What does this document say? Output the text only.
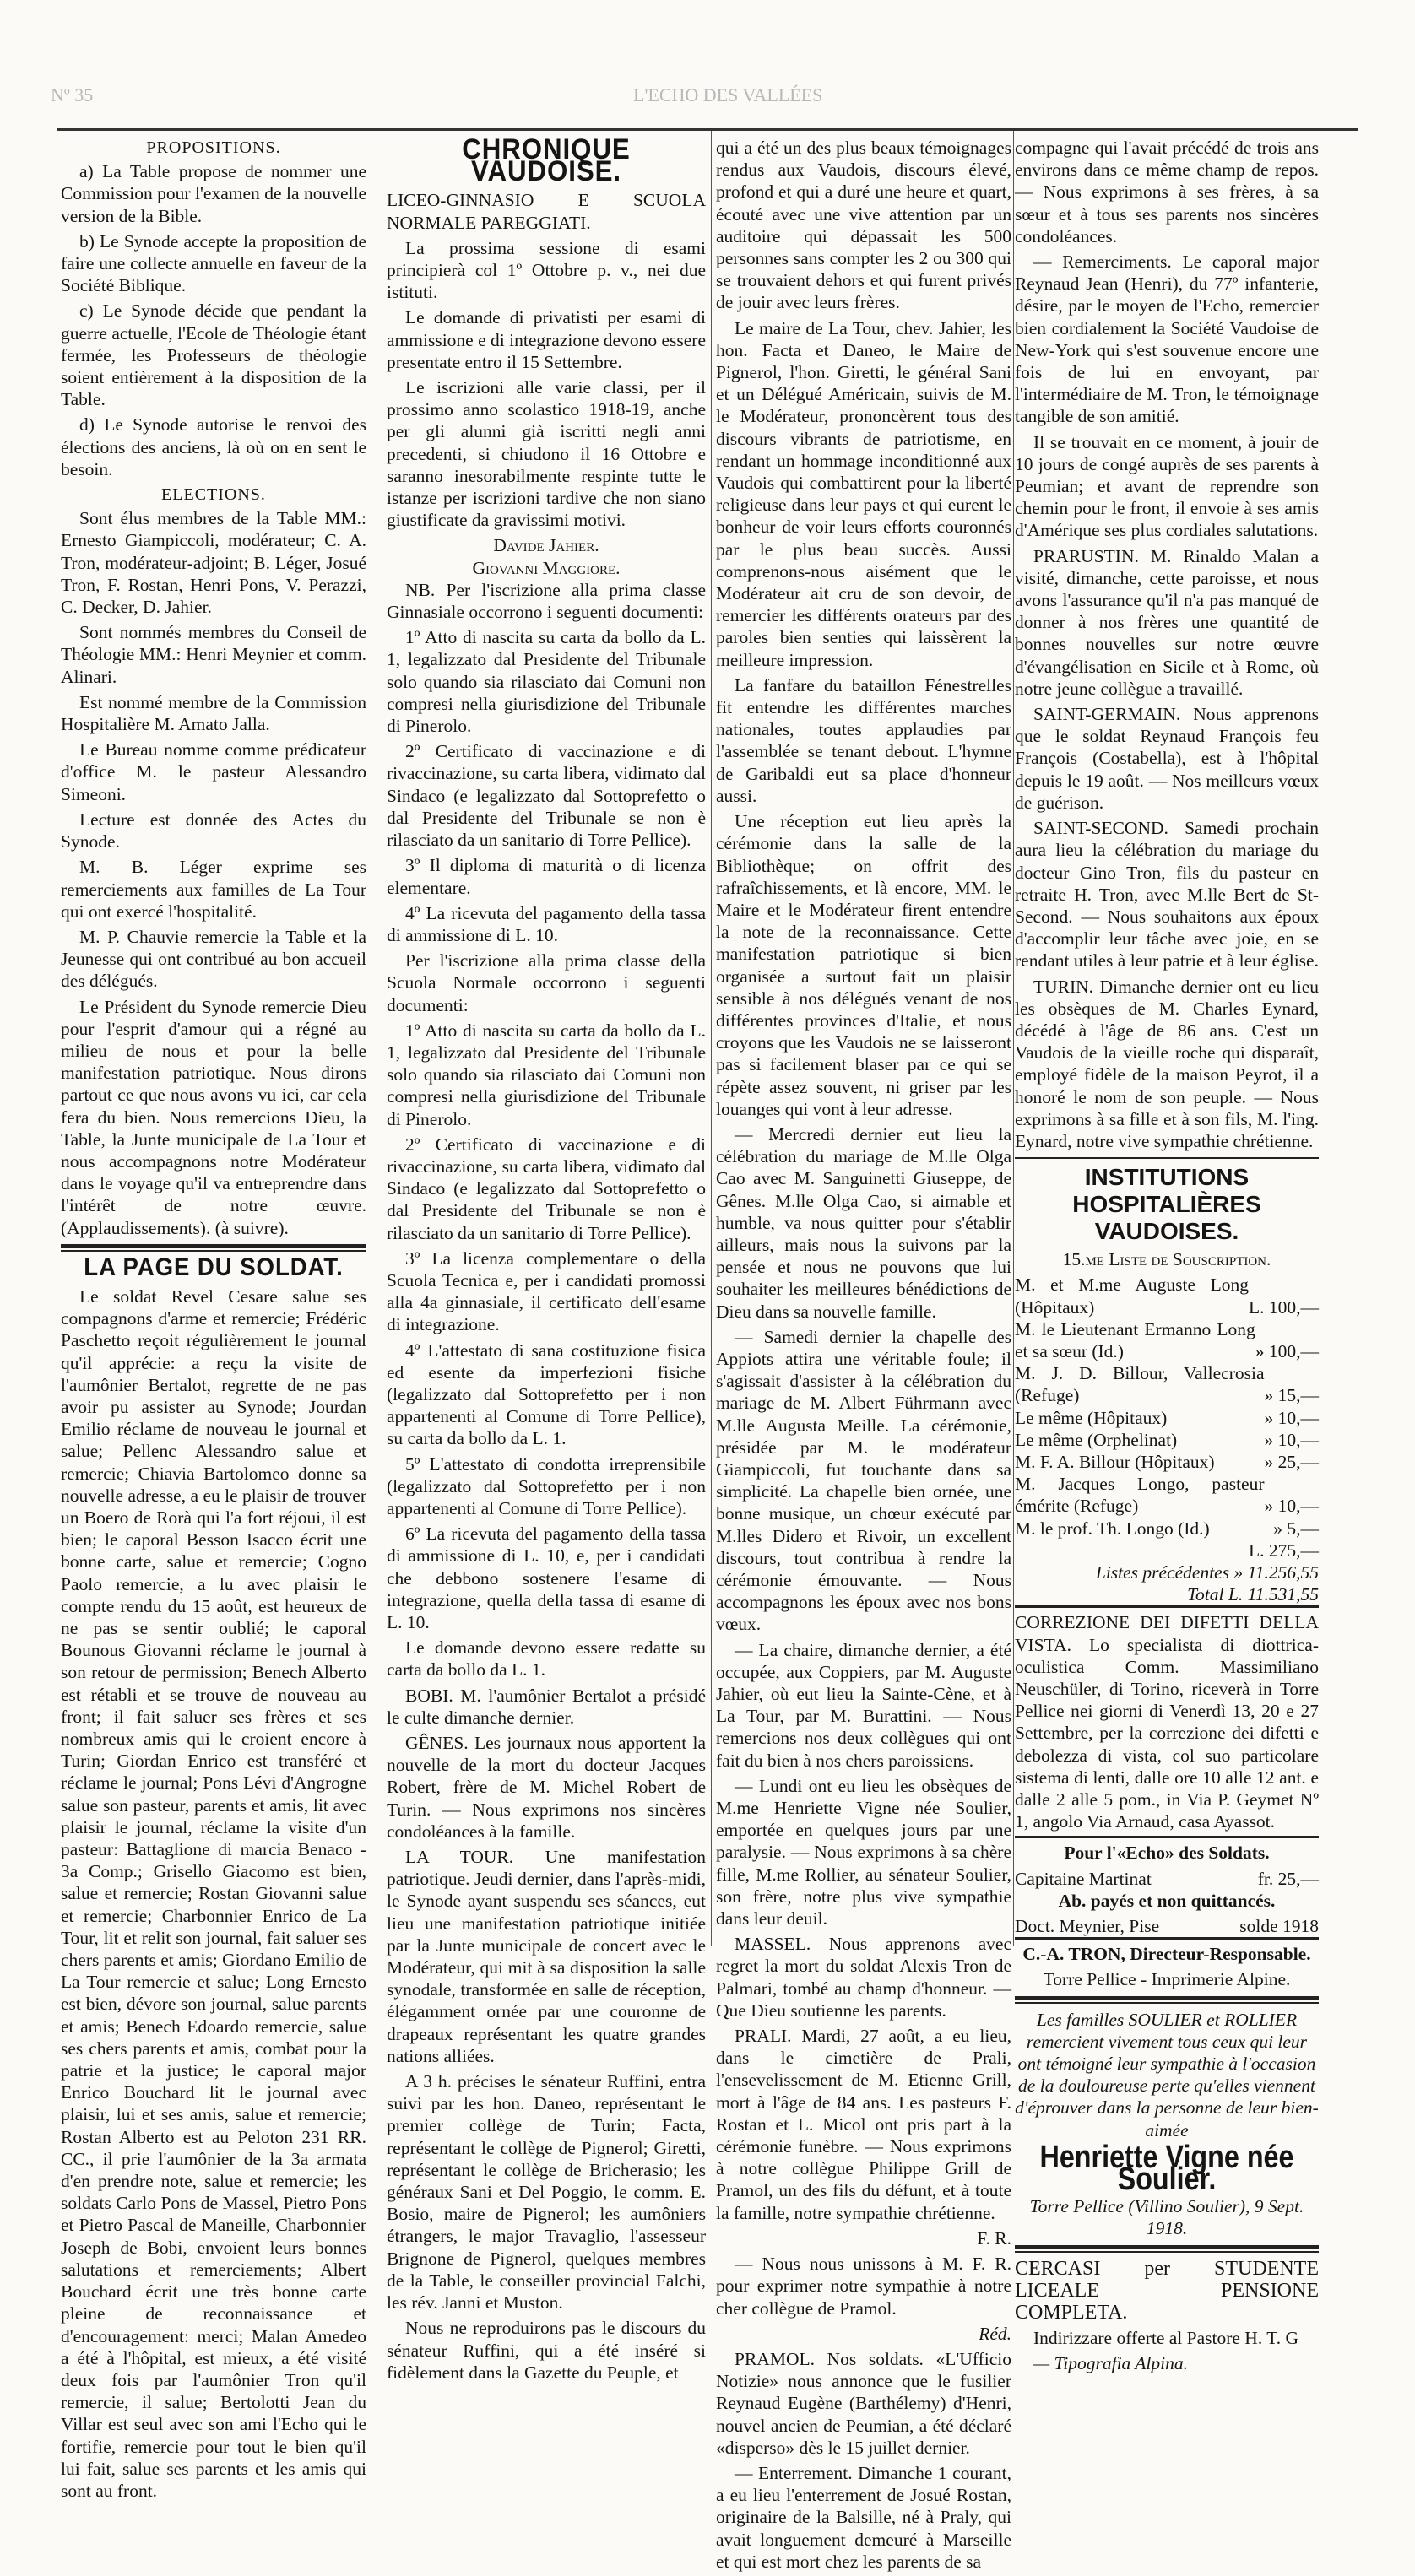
Nº 35	L'ECHO DES VALLÉES

PROPOSITIONS.

a) La Table propose de nommer une Commission pour l'examen de la nouvelle version de la Bible.

b) Le Synode accepte la proposition de faire une collecte annuelle en faveur de la Société Biblique.

c) Le Synode décide que pendant la guerre actuelle, l'Ecole de Théologie étant fermée, les Professeurs de théologie soient entièrement à la disposition de la Table.

d) Le Synode autorise le renvoi des élections des anciens, là où on en sent le besoin.

ELECTIONS.

Sont élus membres de la Table MM.: Ernesto Giampiccoli, modérateur; C. A. Tron, modérateur-adjoint; B. Léger, Josué Tron, F. Rostan, Henri Pons, V. Perazzi, C. Decker, D. Jahier.

Sont nommés membres du Conseil de Théologie MM.: Henri Meynier et comm. Alinari.

Est nommé membre de la Commission Hospitalière M. Amato Jalla.

Le Bureau nomme comme prédicateur d'office M. le pasteur Alessandro Simeoni.

Lecture est donnée des Actes du Synode.

M. B. Léger exprime ses remerciements aux familles de La Tour qui ont exercé l'hospitalité.

M. P. Chauvie remercie la Table et la Jeunesse qui ont contribué au bon accueil des délégués.

Le Président du Synode remercie Dieu pour l'esprit d'amour qui a régné au milieu de nous et pour la belle manifestation patriotique. Nous dirons partout ce que nous avons vu ici, car cela fera du bien. Nous remercions Dieu, la Table, la Junte municipale de La Tour et nous accompagnons notre Modérateur dans le voyage qu'il va entreprendre dans l'intérêt de notre œuvre. (Applaudissements). (à suivre).

LA PAGE DU SOLDAT.

Le soldat Revel Cesare salue ses compagnons d'arme et remercie; Frédéric Paschetto reçoit régulièrement le journal qu'il apprécie: a reçu la visite de l'aumônier Bertalot, regrette de ne pas avoir pu assister au Synode; Jourdan Emilio réclame de nouveau le journal et salue; Pellenc Alessandro salue et remercie; Chiavia Bartolomeo donne sa nouvelle adresse, a eu le plaisir de trouver un Boero de Rorà qui l'a fort réjoui, il est bien; le caporal Besson Isacco écrit une bonne carte, salue et remercie; Cogno Paolo remercie, a lu avec plaisir le compte rendu du 15 août, est heureux de ne pas se sentir oublié; le caporal Bounous Giovanni réclame le journal à son retour de permission; Benech Alberto est rétabli et se trouve de nouveau au front; il fait saluer ses frères et ses nombreux amis qui le croient encore à Turin; Giordan Enrico est transféré et réclame le journal; Pons Lévi d'Angrogne salue son pasteur, parents et amis, lit avec plaisir le journal, réclame la visite d'un pasteur: Battaglione di marcia Benaco - 3a Comp.; Grisello Giacomo est bien, salue et remercie; Rostan Giovanni salue et remercie; Charbonnier Enrico de La Tour, lit et relit son journal, fait saluer ses chers parents et amis; Giordano Emilio de La Tour remercie et salue; Long Ernesto est bien, dévore son journal, salue parents et amis; Benech Edoardo remercie, salue ses chers parents et amis, combat pour la patrie et la justice; le caporal major Enrico Bouchard lit le journal avec plaisir, lui et ses amis, salue et remercie; Rostan Alberto est au Peloton 231 RR. CC., il prie l'aumônier de la 3a armata d'en prendre note, salue et remercie; les soldats Carlo Pons de Massel, Pietro Pons et Pietro Pascal de Maneille, Charbonnier Joseph de Bobi, envoient leurs bonnes salutations et remerciements; Albert Bouchard écrit une très bonne carte pleine de reconnaissance et d'encouragement: merci; Malan Amedeo a été à l'hôpital, est mieux, a été visité deux fois par l'aumônier Tron qu'il remercie, il salue; Bertolotti Jean du Villar est seul avec son ami l'Echo qui le fortifie, remercie pour tout le bien qu'il lui fait, salue ses parents et les amis qui sont au front.

CHRONIQUE VAUDOISE.

LICEO-GINNASIO E SCUOLA NORMALE PAREGGIATI.

La prossima sessione di esami principierà col 1º Ottobre p. v., nei due istituti.

Le domande di privatisti per esami di ammissione e di integrazione devono essere presentate entro il 15 Settembre.

Le iscrizioni alle varie classi, per il prossimo anno scolastico 1918-19, anche per gli alunni già iscritti negli anni precedenti, si chiudono il 16 Ottobre e saranno inesorabilmente respinte tutte le istanze per iscrizioni tardive che non siano giustificate da gravissimi motivi.

Davide Jahier.

Giovanni Maggiore.

NB. Per l'iscrizione alla prima classe Ginnasiale occorrono i seguenti documenti:

1º Atto di nascita su carta da bollo da L. 1, legalizzato dal Presidente del Tribunale solo quando sia rilasciato dai Comuni non compresi nella giurisdizione del Tribunale di Pinerolo.

2º Certificato di vaccinazione e di rivaccinazione, su carta libera, vidimato dal Sindaco (e legalizzato dal Sottoprefetto o dal Presidente del Tribunale se non è rilasciato da un sanitario di Torre Pellice).

3º Il diploma di maturità o di licenza elementare.

4º La ricevuta del pagamento della tassa di ammissione di L. 10.

Per l'iscrizione alla prima classe della Scuola Normale occorrono i seguenti documenti:

1º Atto di nascita su carta da bollo da L. 1, legalizzato dal Presidente del Tribunale solo quando sia rilasciato dai Comuni non compresi nella giurisdizione del Tribunale di Pinerolo.

2º Certificato di vaccinazione e di rivaccinazione, su carta libera, vidimato dal Sindaco (e legalizzato dal Sottoprefetto o dal Presidente del Tribunale se non è rilasciato da un sanitario di Torre Pellice).

3º La licenza complementare o della Scuola Tecnica e, per i candidati promossi alla 4a ginnasiale, il certificato dell'esame di integrazione.

4º L'attestato di sana costituzione fisica ed esente da imperfezioni fisiche (legalizzato dal Sottoprefetto per i non appartenenti al Comune di Torre Pellice), su carta da bollo da L. 1.

5º L'attestato di condotta irreprensibile (legalizzato dal Sottoprefetto per i non appartenenti al Comune di Torre Pellice).

6º La ricevuta del pagamento della tassa di ammissione di L. 10, e, per i candidati che debbono sostenere l'esame di integrazione, quella della tassa di esame di L. 10.

Le domande devono essere redatte su carta da bollo da L. 1.

BOBI. M. l'aumônier Bertalot a présidé le culte dimanche dernier.

GÊNES. Les journaux nous apportent la nouvelle de la mort du docteur Jacques Robert, frère de M. Michel Robert de Turin. — Nous exprimons nos sincères condoléances à la famille.

LA TOUR. Une manifestation patriotique. Jeudi dernier, dans l'après-midi, le Synode ayant suspendu ses séances, eut lieu une manifestation patriotique initiée par la Junte municipale de concert avec le Modérateur, qui mit à sa disposition la salle synodale, transformée en salle de réception, élégamment ornée par une couronne de drapeaux représentant les quatre grandes nations alliées.

A 3 h. précises le sénateur Ruffini, entra suivi par les hon. Daneo, représentant le premier collège de Turin; Facta, représentant le collège de Pignerol; Giretti, représentant le collège de Bricherasio; les généraux Sani et Del Poggio, le comm. E. Bosio, maire de Pignerol; les aumôniers étrangers, le major Travaglio, l'assesseur Brignone de Pignerol, quelques membres de la Table, le conseiller provincial Falchi, les rév. Janni et Muston.

Nous ne reproduirons pas le discours du sénateur Ruffini, qui a été inséré si fidèlement dans la Gazette du Peuple, et

qui a été un des plus beaux témoignages rendus aux Vaudois, discours élevé, profond et qui a duré une heure et quart, écouté avec une vive attention par un auditoire qui dépassait les 500 personnes sans compter les 2 ou 300 qui se trouvaient dehors et qui furent privés de jouir avec leurs frères.

Le maire de La Tour, chev. Jahier, les hon. Facta et Daneo, le Maire de Pignerol, l'hon. Giretti, le général Sani et un Délégué Américain, suivis de M. le Modérateur, prononcèrent tous des discours vibrants de patriotisme, en rendant un hommage inconditionné aux Vaudois qui combattirent pour la liberté religieuse dans leur pays et qui eurent le bonheur de voir leurs efforts couronnés par le plus beau succès. Aussi comprenons-nous aisément que le Modérateur ait cru de son devoir, de remercier les différents orateurs par des paroles bien senties qui laissèrent la meilleure impression.

La fanfare du bataillon Fénestrelles fit entendre les différentes marches nationales, toutes applaudies par l'assemblée se tenant debout. L'hymne de Garibaldi eut sa place d'honneur aussi.

Une réception eut lieu après la cérémonie dans la salle de la Bibliothèque; on offrit des rafraîchissements, et là encore, MM. le Maire et le Modérateur firent entendre la note de la reconnaissance. Cette manifestation patriotique si bien organisée a surtout fait un plaisir sensible à nos délégués venant de nos différentes provinces d'Italie, et nous croyons que les Vaudois ne se laisseront pas si facilement blaser par ce qui se répète assez souvent, ni griser par les louanges qui vont à leur adresse.

— Mercredi dernier eut lieu la célébration du mariage de M.lle Olga Cao avec M. Sanguinetti Giuseppe, de Gênes. M.lle Olga Cao, si aimable et humble, va nous quitter pour s'établir ailleurs, mais nous la suivons par la pensée et nous ne pouvons que lui souhaiter les meilleures bénédictions de Dieu dans sa nouvelle famille.

— Samedi dernier la chapelle des Appiots attira une véritable foule; il s'agissait d'assister à la célébration du mariage de M. Albert Führmann avec M.lle Augusta Meille. La cérémonie, présidée par M. le modérateur Giampiccoli, fut touchante dans sa simplicité. La chapelle bien ornée, une bonne musique, un chœur exécuté par M.lles Didero et Rivoir, un excellent discours, tout contribua à rendre la cérémonie émouvante. — Nous accompagnons les époux avec nos bons vœux.

— La chaire, dimanche dernier, a été occupée, aux Coppiers, par M. Auguste Jahier, où eut lieu la Sainte-Cène, et à La Tour, par M. Burattini. — Nous remercions nos deux collègues qui ont fait du bien à nos chers paroissiens.

— Lundi ont eu lieu les obsèques de M.me Henriette Vigne née Soulier, emportée en quelques jours par une paralysie. — Nous exprimons à sa chère fille, M.me Rollier, au sénateur Soulier, son frère, notre plus vive sympathie dans leur deuil.

MASSEL. Nous apprenons avec regret la mort du soldat Alexis Tron de Palmari, tombé au champ d'honneur. — Que Dieu soutienne les parents.

PRALI. Mardi, 27 août, a eu lieu, dans le cimetière de Prali, l'ensevelissement de M. Etienne Grill, mort à l'âge de 84 ans. Les pasteurs F. Rostan et L. Micol ont pris part à la cérémonie funèbre. — Nous exprimons à notre collègue Philippe Grill de Pramol, un des fils du défunt, et à toute la famille, notre sympathie chrétienne.

F. R.

— Nous nous unissons à M. F. R. pour exprimer notre sympathie à notre cher collègue de Pramol.

Réd.

PRAMOL. Nos soldats. «L'Ufficio Notizie» nous annonce que le fusilier Reynaud Eugène (Barthélemy) d'Henri, nouvel ancien de Peumian, a été déclaré «disperso» dès le 15 juillet dernier.

— Enterrement. Dimanche 1 courant, a eu lieu l'enterrement de Josué Rostan, originaire de la Balsille, né à Praly, qui avait longuement demeuré à Marseille et qui est mort chez les parents de sa

compagne qui l'avait précédé de trois ans environs dans ce même champ de repos. — Nous exprimons à ses frères, à sa sœur et à tous ses parents nos sincères condoléances.

— Remerciments. Le caporal major Reynaud Jean (Henri), du 77º infanterie, désire, par le moyen de l'Echo, remercier bien cordialement la Société Vaudoise de New-York qui s'est souvenue encore une fois de lui en envoyant, par l'intermédiaire de M. Tron, le témoignage tangible de son amitié.

Il se trouvait en ce moment, à jouir de 10 jours de congé auprès de ses parents à Peumian; et avant de reprendre son chemin pour le front, il envoie à ses amis d'Amérique ses plus cordiales salutations.

PRARUSTIN. M. Rinaldo Malan a visité, dimanche, cette paroisse, et nous avons l'assurance qu'il n'a pas manqué de donner à nos frères une quantité de bonnes nouvelles sur notre œuvre d'évangélisation en Sicile et à Rome, où notre jeune collègue a travaillé.

SAINT-GERMAIN. Nous apprenons que le soldat Reynaud François feu François (Costabella), est à l'hôpital depuis le 19 août. — Nos meilleurs vœux de guérison.

SAINT-SECOND. Samedi prochain aura lieu la célébration du mariage du docteur Gino Tron, fils du pasteur en retraite H. Tron, avec M.lle Bert de St-Second. — Nous souhaitons aux époux d'accomplir leur tâche avec joie, en se rendant utiles à leur patrie et à leur église.

TURIN. Dimanche dernier ont eu lieu les obsèques de M. Charles Eynard, décédé à l'âge de 86 ans. C'est un Vaudois de la vieille roche qui disparaît, employé fidèle de la maison Peyrot, il a honoré le nom de son peuple. — Nous exprimons à sa fille et à son fils, M. l'ing. Eynard, notre vive sympathie chrétienne.

INSTITUTIONS HOSPITALIÈRES VAUDOISES.

15.me Liste de Souscription.

M. et M.me Auguste Long (Hôpitaux)	L. 100,—
M. le Lieutenant Ermanno Long et sa sœur (Id.)	» 100,—
M. J. D. Billour, Vallecrosia (Refuge)	» 15,—
Le même (Hôpitaux)	» 10,—
Le même (Orphelinat)	» 10,—
M. F. A. Billour (Hôpitaux)	» 25,—
M. Jacques Longo, pasteur émérite (Refuge)	» 10,—
M. le prof. Th. Longo (Id.)	» 5,—
L. 275,—
Listes précédentes » 11.256,55
Total L. 11.531,55

CORREZIONE DEI DIFETTI DELLA VISTA. Lo specialista di diottrica-oculistica Comm. Massimiliano Neuschüler, di Torino, riceverà in Torre Pellice nei giorni di Venerdì 13, 20 e 27 Settembre, per la correzione dei difetti e debolezza di vista, col suo particolare sistema di lenti, dalle ore 10 alle 12 ant. e dalle 2 alle 5 pom., in Via P. Geymet Nº 1, angolo Via Arnaud, casa Ayassot.

Pour l'«Echo» des Soldats.

Capitaine Martinat	fr. 25,—

Ab. payés et non quittancés.

Doct. Meynier, Pise	solde 1918

C.-A. TRON, Directeur-Responsable.

Torre Pellice - Imprimerie Alpine.

Les familles SOULIER et ROLLIER remercient vivement tous ceux qui leur ont témoigné leur sympathie à l'occasion de la douloureuse perte qu'elles viennent d'éprouver dans la personne de leur bien-aimée

Henriette Vigne née Soulier.

Torre Pellice (Villino Soulier), 9 Sept. 1918.

CERCASI per STUDENTE LICEALE PENSIONE COMPLETA.

Indirizzare offerte al Pastore H. T. G

— Tipografia Alpina.
